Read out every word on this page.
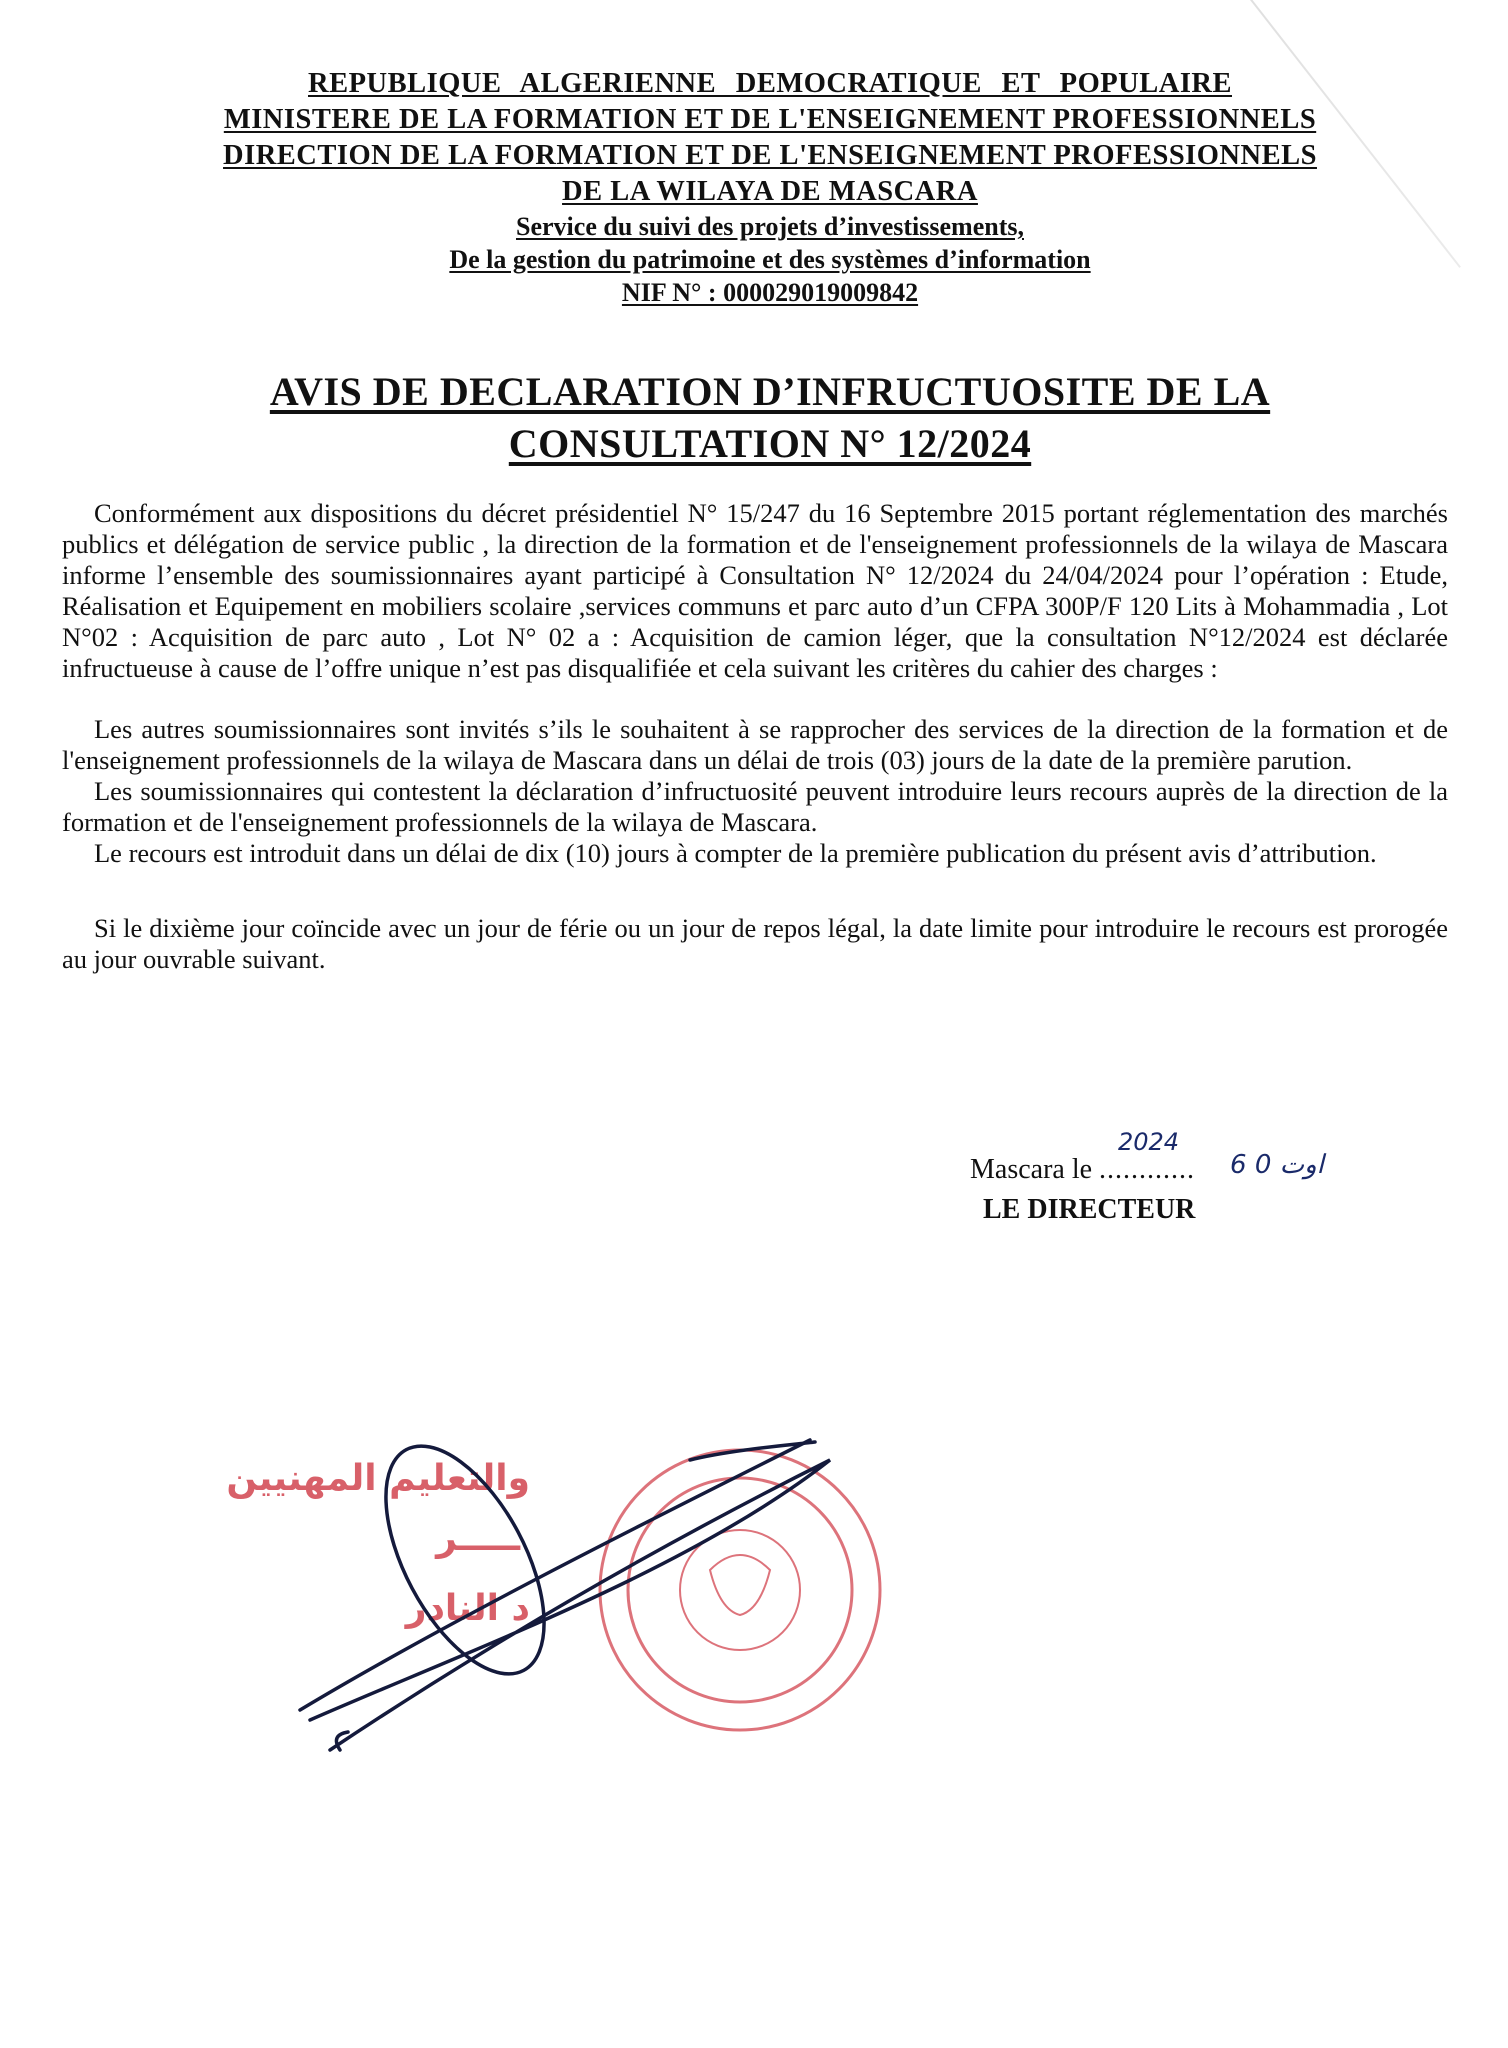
REPUBLIQUE ALGERIENNE DEMOCRATIQUE ET POPULAIRE
MINISTERE DE LA FORMATION ET DE L'ENSEIGNEMENT PROFESSIONNELS
DIRECTION DE LA FORMATION ET DE L'ENSEIGNEMENT PROFESSIONNELS
DE LA WILAYA DE MASCARA
Service du suivi des projets d’investissements,
De la gestion du patrimoine et des systèmes d’information
NIF N° : 000029019009842
AVIS DE DECLARATION D’INFRUCTUOSITE DE LA
CONSULTATION N° 12/2024

Conformément aux dispositions du décret présidentiel N° 15/247 du 16 Septembre 2015 portant réglementation des marchés publics et délégation de service public , la direction de la formation et de l'enseignement professionnels de la wilaya de Mascara informe l’ensemble des soumissionnaires ayant participé à Consultation N° 12/2024 du 24/04/2024 pour l’opération : Etude, Réalisation et Equipement en mobiliers scolaire ,services communs et parc auto d’un CFPA 300P/F 120 Lits à Mohammadia , Lot N°02 : Acquisition de parc auto , Lot N° 02 a : Acquisition de camion léger, que la consultation N°12/2024 est déclarée infructueuse à cause de l’offre unique n’est pas disqualifiée et cela suivant les critères du cahier des charges :

Les autres soumissionnaires sont invités s’ils le souhaitent à se rapprocher des services de la direction de la formation et de l'enseignement professionnels de la wilaya de Mascara dans un délai de trois (03) jours de la date de la première parution.

Les soumissionnaires qui contestent la déclaration d’infructuosité peuvent introduire leurs recours auprès de la direction de la formation et de l'enseignement professionnels de la wilaya de Mascara.

Le recours est introduit dans un délai de dix (10) jours à compter de la première publication du présent avis d’attribution.

Si le dixième jour coïncide avec un jour de férie ou un jour de repos légal, la date limite pour introduire le recours est prorogée au jour ouvrable suivant.

2024
اوت 0 6
Mascara le ............
LE DIRECTEUR
والتعليم المهنيين
ـــــر
د النادر
